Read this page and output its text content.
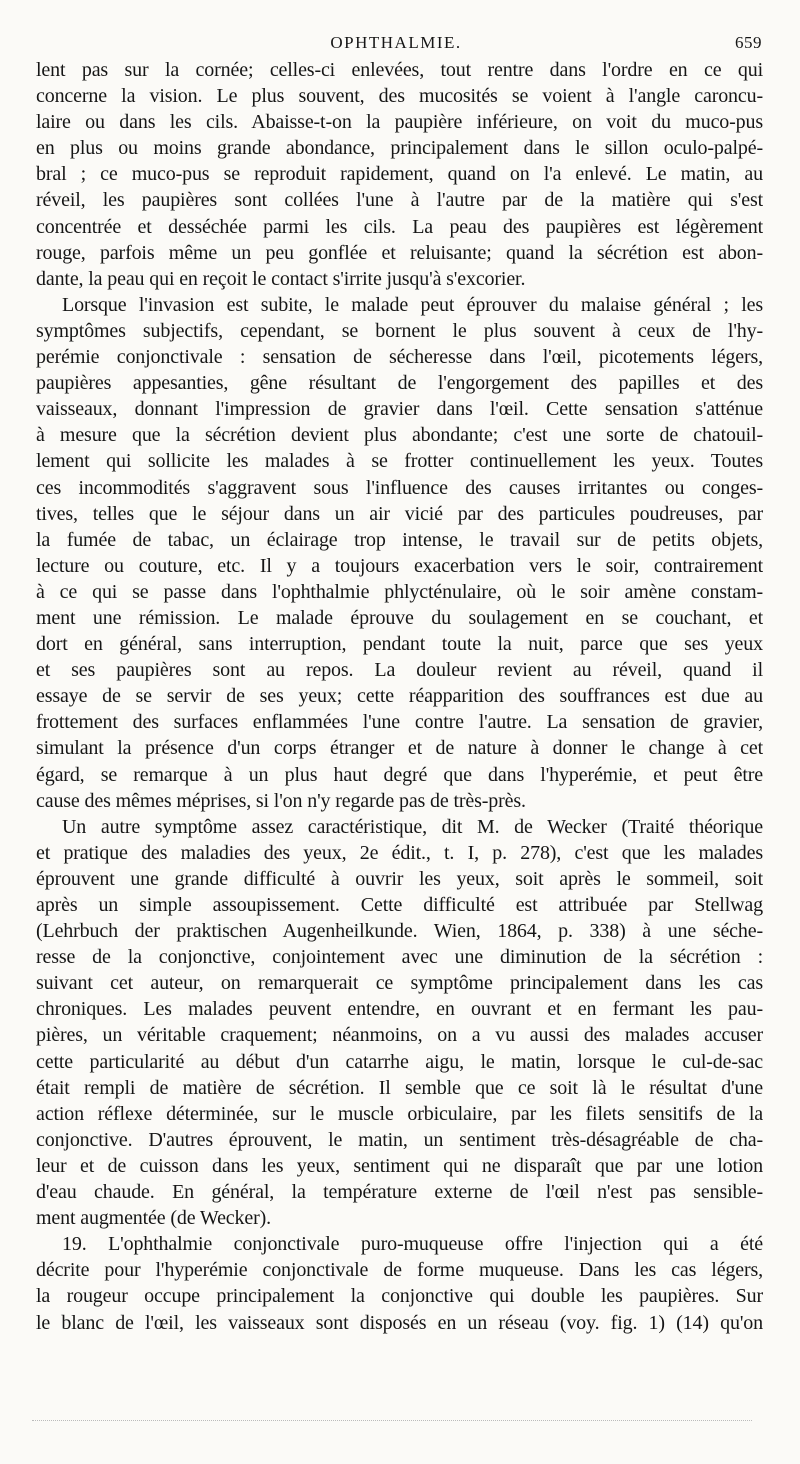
OPHTHALMIE.	659
lent pas sur la cornée; celles-ci enlevées, tout rentre dans l'ordre en ce qui
concerne la vision. Le plus souvent, des mucosités se voient à l'angle caroncu-
laire ou dans les cils. Abaisse-t-on la paupière inférieure, on voit du muco-pus
en plus ou moins grande abondance, principalement dans le sillon oculo-palpé-
bral ; ce muco-pus se reproduit rapidement, quand on l'a enlevé. Le matin, au
réveil, les paupières sont collées l'une à l'autre par de la matière qui s'est
concentrée et desséchée parmi les cils. La peau des paupières est légèrement
rouge, parfois même un peu gonflée et reluisante; quand la sécrétion est abon-
dante, la peau qui en reçoit le contact s'irrite jusqu'à s'excorier.
Lorsque l'invasion est subite, le malade peut éprouver du malaise général ; les
symptômes subjectifs, cependant, se bornent le plus souvent à ceux de l'hy-
perémie conjonctivale : sensation de sécheresse dans l'œil, picotements légers,
paupières appesanties, gêne résultant de l'engorgement des papilles et des
vaisseaux, donnant l'impression de gravier dans l'œil. Cette sensation s'atténue
à mesure que la sécrétion devient plus abondante; c'est une sorte de chatouil-
lement qui sollicite les malades à se frotter continuellement les yeux. Toutes
ces incommodités s'aggravent sous l'influence des causes irritantes ou conges-
tives, telles que le séjour dans un air vicié par des particules poudreuses, par
la fumée de tabac, un éclairage trop intense, le travail sur de petits objets,
lecture ou couture, etc. Il y a toujours exacerbation vers le soir, contrairement
à ce qui se passe dans l'ophthalmie phlycténulaire, où le soir amène constam-
ment une rémission. Le malade éprouve du soulagement en se couchant, et
dort en général, sans interruption, pendant toute la nuit, parce que ses yeux
et ses paupières sont au repos. La douleur revient au réveil, quand il
essaye de se servir de ses yeux; cette réapparition des souffrances est due au
frottement des surfaces enflammées l'une contre l'autre. La sensation de gravier,
simulant la présence d'un corps étranger et de nature à donner le change à cet
égard, se remarque à un plus haut degré que dans l'hyperémie, et peut être
cause des mêmes méprises, si l'on n'y regarde pas de très-près.
Un autre symptôme assez caractéristique, dit M. de Wecker (Traité théorique
et pratique des maladies des yeux, 2e édit., t. I, p. 278), c'est que les malades
éprouvent une grande difficulté à ouvrir les yeux, soit après le sommeil, soit
après un simple assoupissement. Cette difficulté est attribuée par Stellwag
(Lehrbuch der praktischen Augenheilkunde. Wien, 1864, p. 338) à une séche-
resse de la conjonctive, conjointement avec une diminution de la sécrétion :
suivant cet auteur, on remarquerait ce symptôme principalement dans les cas
chroniques. Les malades peuvent entendre, en ouvrant et en fermant les pau-
pières, un véritable craquement; néanmoins, on a vu aussi des malades accuser
cette particularité au début d'un catarrhe aigu, le matin, lorsque le cul-de-sac
était rempli de matière de sécrétion. Il semble que ce soit là le résultat d'une
action réflexe déterminée, sur le muscle orbiculaire, par les filets sensitifs de la
conjonctive. D'autres éprouvent, le matin, un sentiment très-désagréable de cha-
leur et de cuisson dans les yeux, sentiment qui ne disparaît que par une lotion
d'eau chaude. En général, la température externe de l'œil n'est pas sensible-
ment augmentée (de Wecker).
19. L'ophthalmie conjonctivale puro-muqueuse offre l'injection qui a été
décrite pour l'hyperémie conjonctivale de forme muqueuse. Dans les cas légers,
la rougeur occupe principalement la conjonctive qui double les paupières. Sur
le blanc de l'œil, les vaisseaux sont disposés en un réseau (voy. fig. 1) (14) qu'on
